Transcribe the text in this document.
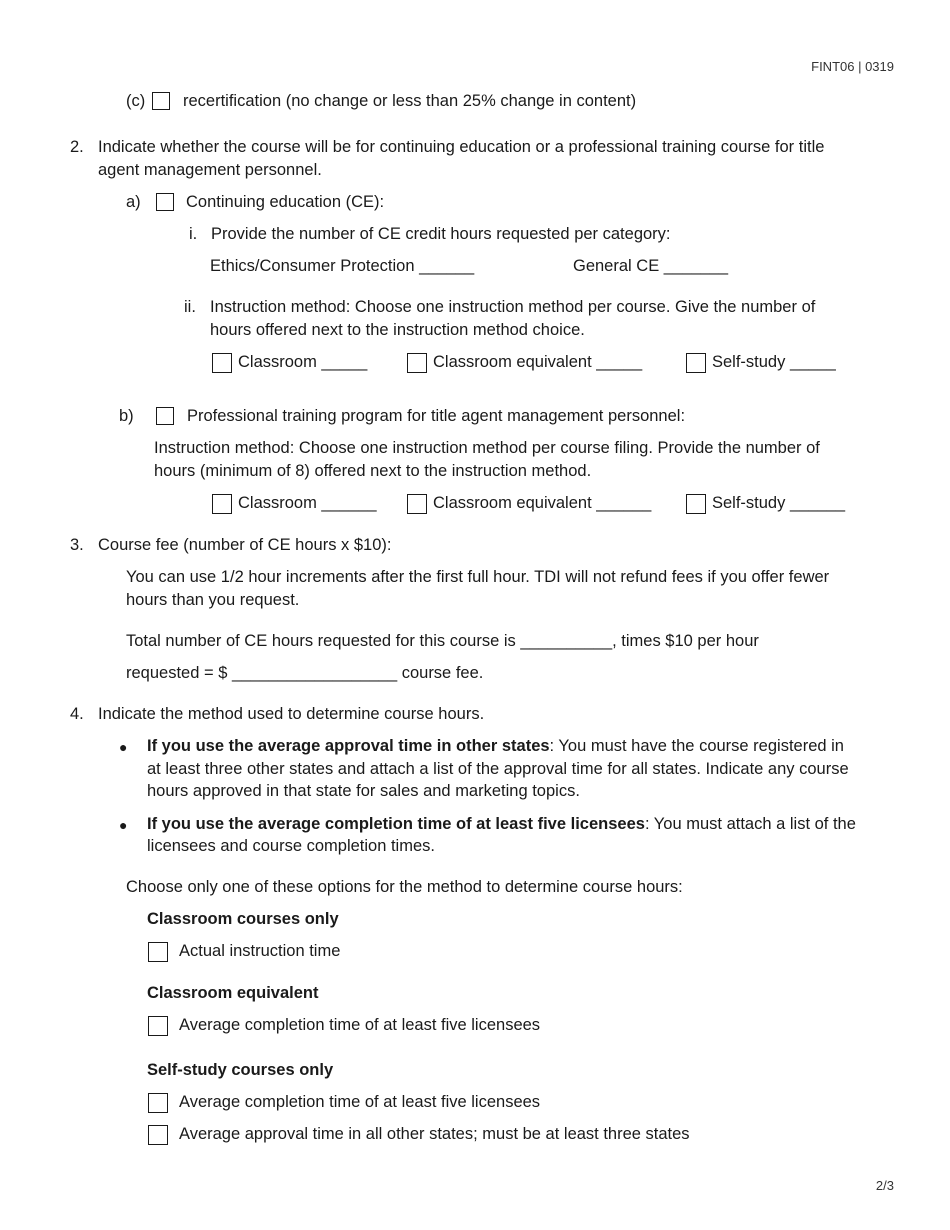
FINT06 | 0319
(c) recertification (no change or less than 25% change in content)
2. Indicate whether the course will be for continuing education or a professional training course for title
agent management personnel.
a)	Continuing education (CE):
i. Provide the number of CE credit hours requested per category:
Ethics/Consumer Protection ______	General CE _______
ii. Instruction method: Choose one instruction method per course. Give the number of
hours offered next to the instruction method choice.
Classroom _____	Classroom equivalent _____	Self-study _____
b)	Professional training program for title agent management personnel:
Instruction method: Choose one instruction method per course filing. Provide the number of
hours (minimum of 8) offered next to the instruction method.
Classroom ______	Classroom equivalent ______	Self-study ______
3. Course fee (number of CE hours x $10):
You can use 1/2 hour increments after the first full hour. TDI will not refund fees if you offer fewer
hours than you request.
Total number of CE hours requested for this course is __________, times $10 per hour
requested = $ __________________ course fee.
4. Indicate the method used to determine course hours.
● If you use the average approval time in other states: You must have the course registered in
at least three other states and attach a list of the approval time for all states. Indicate any course
hours approved in that state for sales and marketing topics.
● If you use the average completion time of at least five licensees: You must attach a list of the
licensees and course completion times.
Choose only one of these options for the method to determine course hours:
Classroom courses only
Actual instruction time
Classroom equivalent
Average completion time of at least five licensees
Self-study courses only
Average completion time of at least five licensees
Average approval time in all other states; must be at least three states
2/3
